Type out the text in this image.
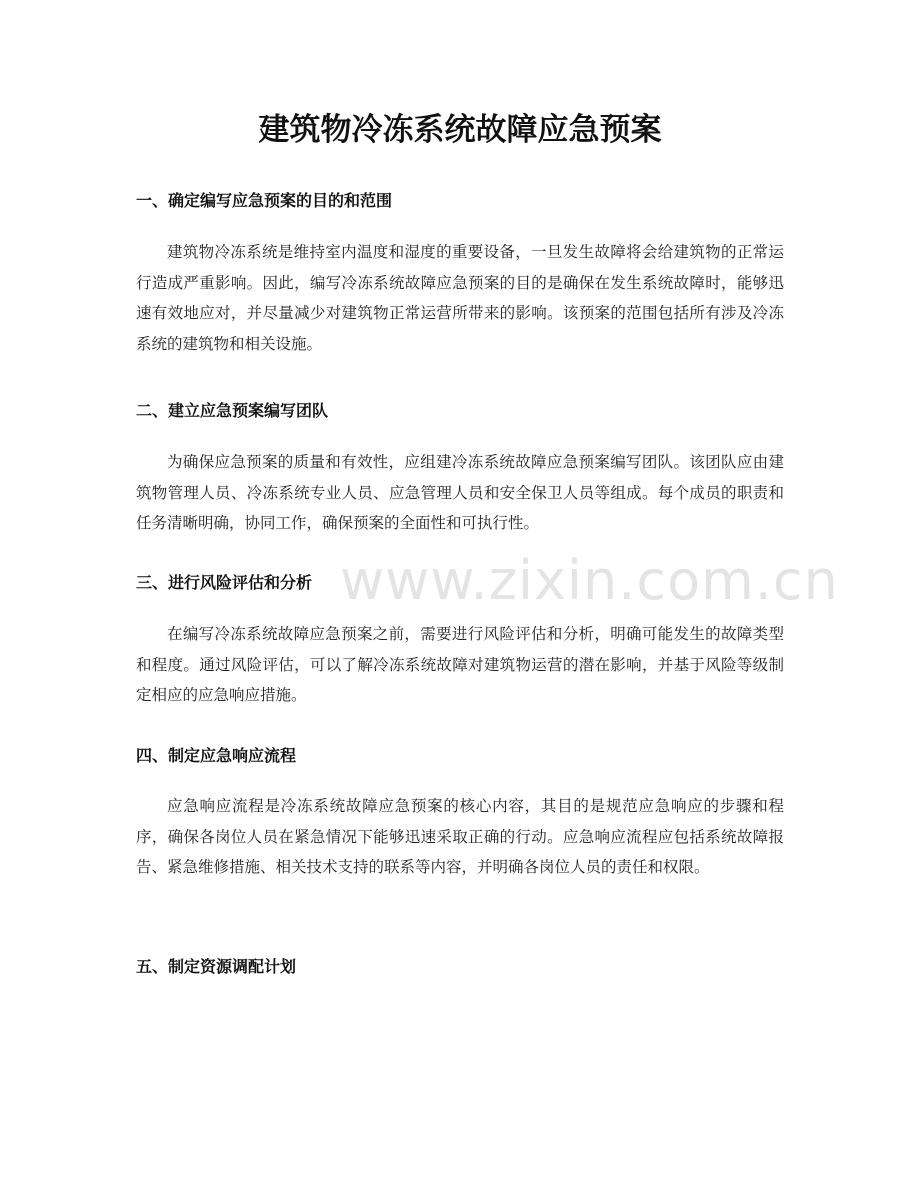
建筑物冷冻系统故障应急预案
一、确定编写应急预案的目的和范围

建筑物冷冻系统是维持室内温度和湿度的重要设备，一旦发生故障将会给建筑物的正常运行造成严重影响。因此，编写冷冻系统故障应急预案的目的是确保在发生系统故障时，能够迅速有效地应对，并尽量减少对建筑物正常运营所带来的影响。该预案的范围包括所有涉及冷冻系统的建筑物和相关设施。

二、建立应急预案编写团队

为确保应急预案的质量和有效性，应组建冷冻系统故障应急预案编写团队。该团队应由建筑物管理人员、冷冻系统专业人员、应急管理人员和安全保卫人员等组成。每个成员的职责和任务清晰明确，协同工作，确保预案的全面性和可执行性。

三、进行风险评估和分析

在编写冷冻系统故障应急预案之前，需要进行风险评估和分析，明确可能发生的故障类型和程度。通过风险评估，可以了解冷冻系统故障对建筑物运营的潜在影响，并基于风险等级制定相应的应急响应措施。

四、制定应急响应流程

应急响应流程是冷冻系统故障应急预案的核心内容，其目的是规范应急响应的步骤和程序，确保各岗位人员在紧急情况下能够迅速采取正确的行动。应急响应流程应包括系统故障报告、紧急维修措施、相关技术支持的联系等内容，并明确各岗位人员的责任和权限。

五、制定资源调配计划
www.zixin.com.cn
